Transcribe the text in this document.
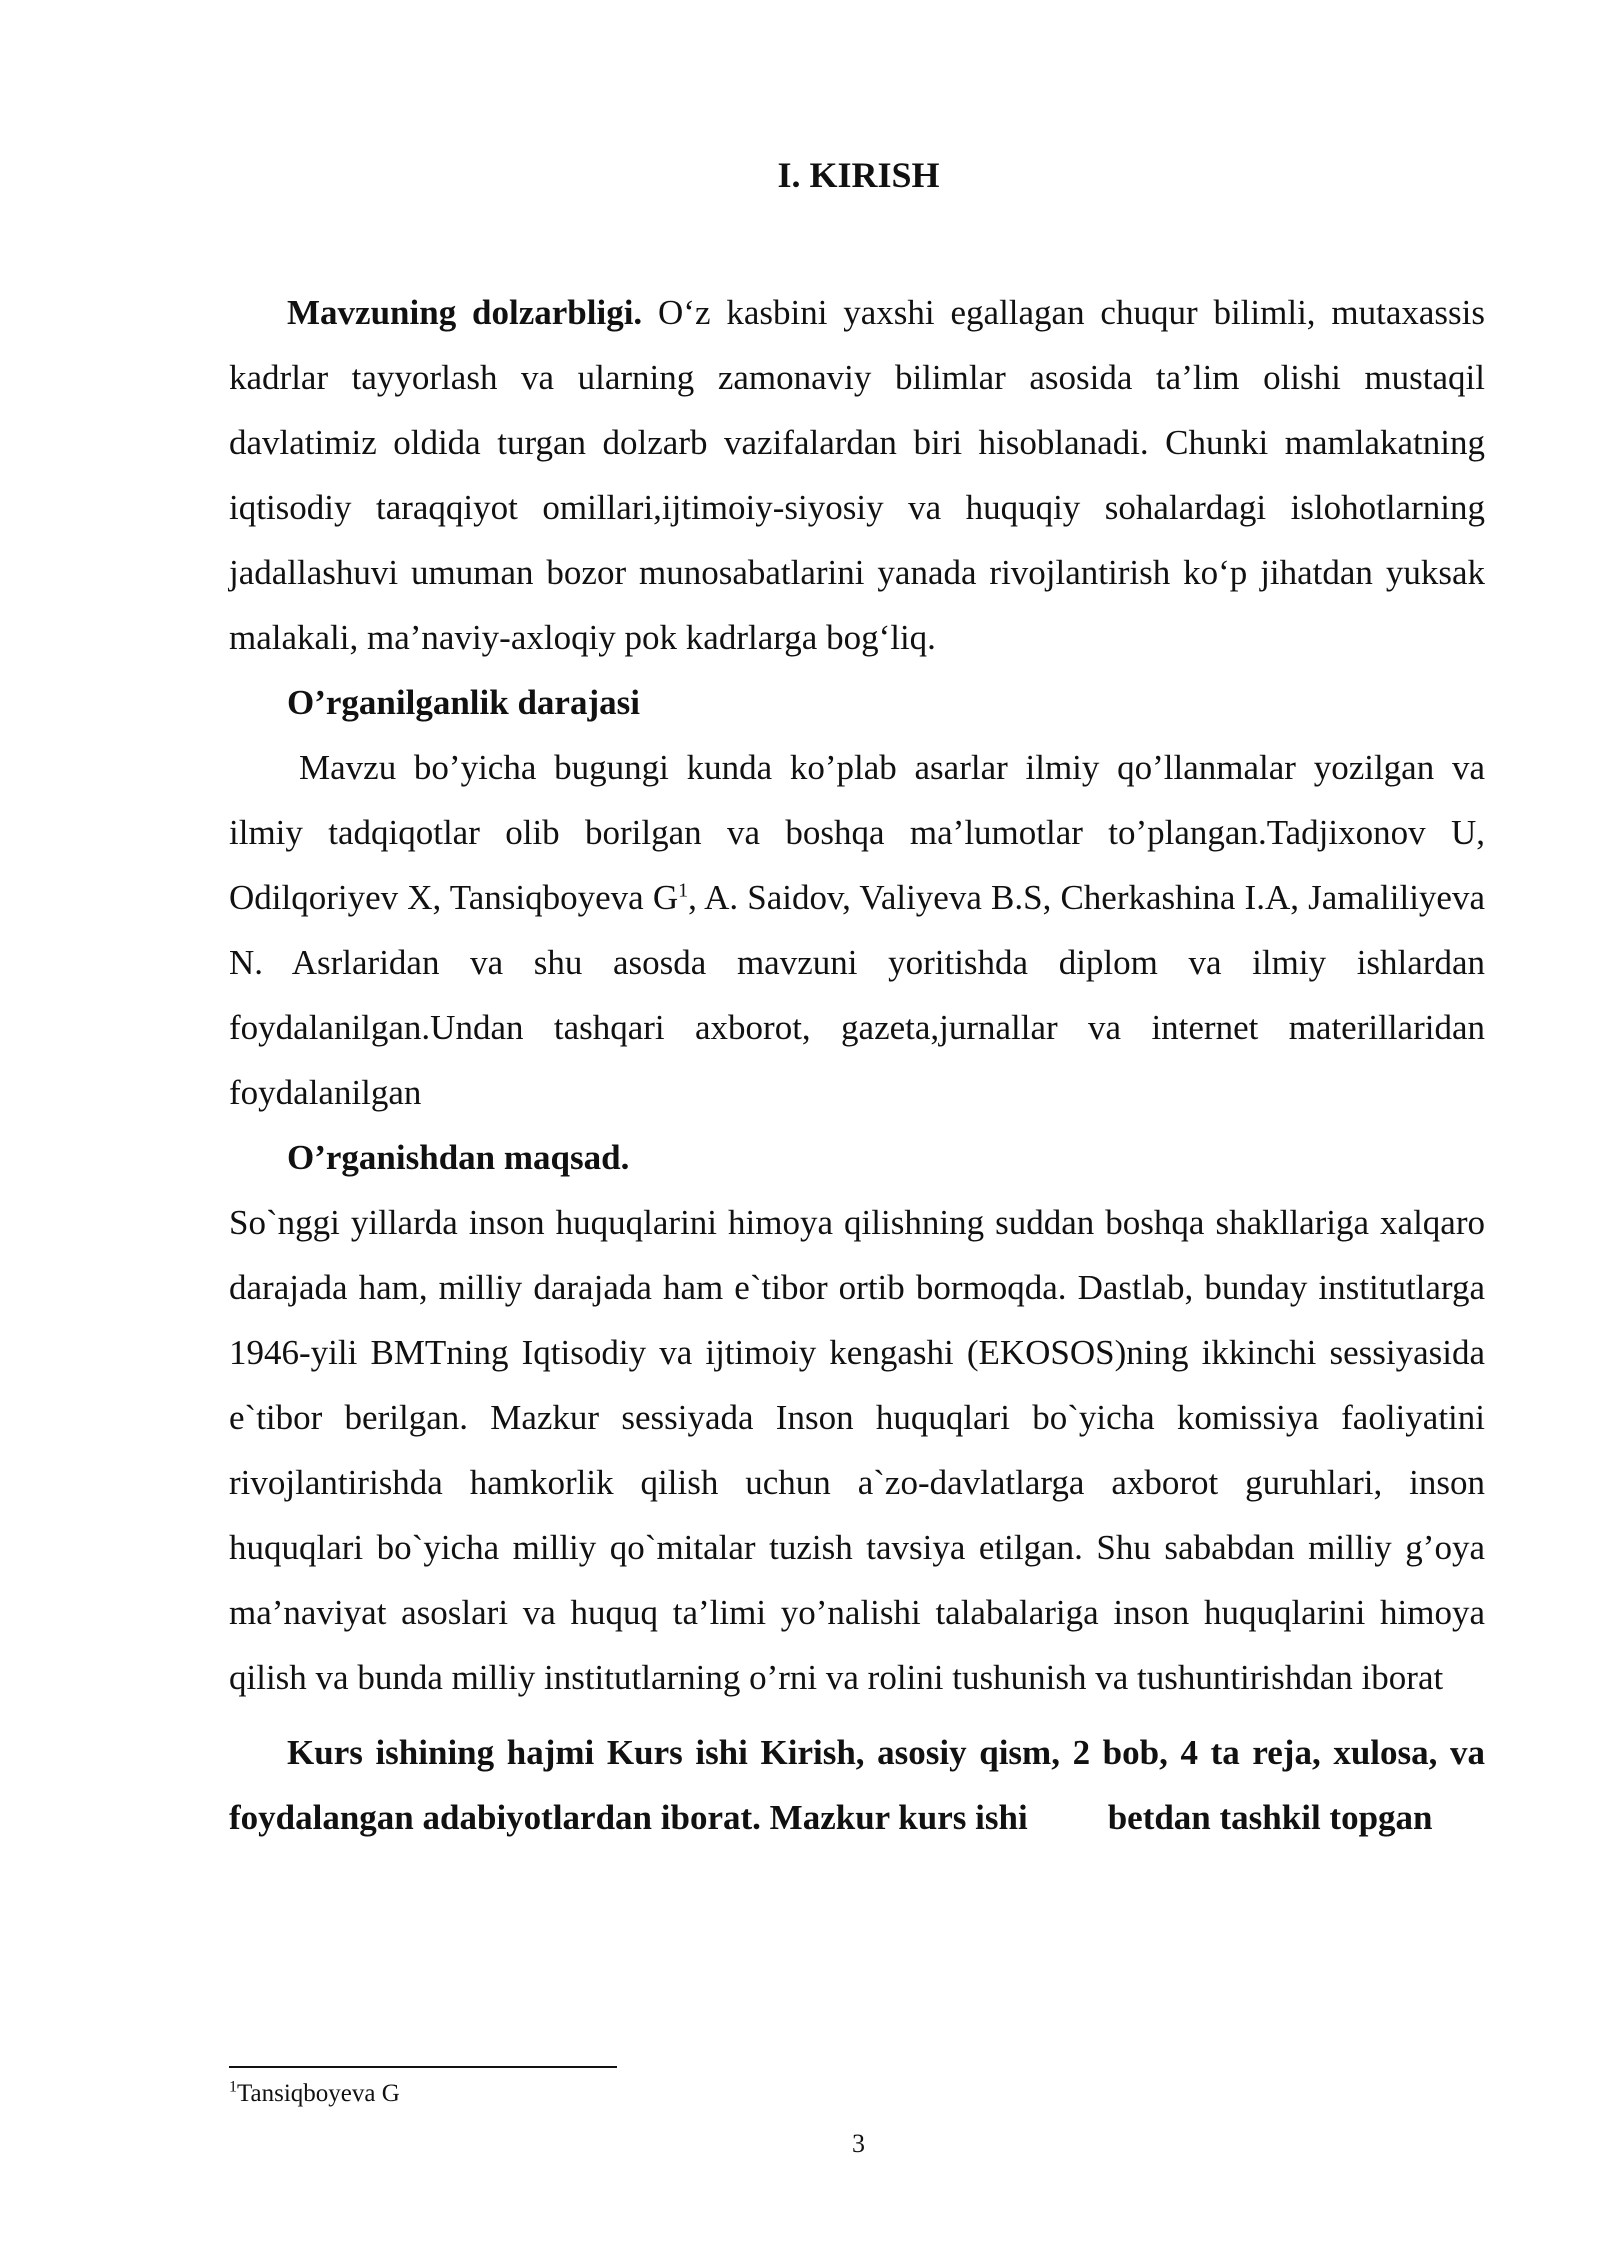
I. KIRISH

Mavzuning dolzarbligi. O‘z kasbini yaxshi egallagan chuqur bilimli, mutaxassis kadrlar tayyorlash va ularning zamonaviy bilimlar asosida ta’lim olishi mustaqil davlatimiz oldida turgan dolzarb vazifalardan biri hisoblanadi. Chunki mamlakatning iqtisodiy taraqqiyot omillari,ijtimoiy-siyosiy va huquqiy sohalardagi islohotlarning jadallashuvi umuman bozor munosabatlarini yanada rivojlantirish ko‘p jihatdan yuksak malakali, ma’naviy-axloqiy pok kadrlarga bog‘liq.

O’rganilganlik darajasi

Mavzu bo’yicha bugungi kunda ko’plab asarlar ilmiy qo’llanmalar yozilgan va ilmiy tadqiqotlar olib borilgan va boshqa ma’lumotlar to’plangan.Tadjixonov U, Odilqoriyev X, Tansiqboyeva $G^1$, A. Saidov, Valiyeva B.S, Cherkashina I.A, Jamaliliyeva N. Asrlaridan va shu asosda mavzuni yoritishda diplom va ilmiy ishlardan foydalanilgan.Undan tashqari axborot, gazeta,jurnallar va internet materillaridan foydalanilgan

O’rganishdan maqsad.

So`nggi yillarda inson huquqlarini himoya qilishning suddan boshqa shakllariga xalqaro darajada ham, milliy darajada ham e`tibor ortib bormoqda. Dastlab, bunday institutlarga 1946-yili BMTning Iqtisodiy va ijtimoiy kengashi (EKOSOS)ning ikkinchi sessiyasida e`tibor berilgan. Mazkur sessiyada Inson huquqlari bo`yicha komissiya faoliyatini rivojlantirishda hamkorlik qilish uchun a`zo-davlatlarga axborot guruhlari, inson huquqlari bo`yicha milliy qo`mitalar tuzish tavsiya etilgan. Shu sababdan milliy g’oya ma’naviyat asoslari va huquq ta’limi yo’nalishi talabalariga inson huquqlarini himoya qilish va bunda milliy institutlarning o’rni va rolini tushunish va tushuntirishdan iborat

Kurs ishining hajmi Kurs ishi Kirish, asosiy qism, 2 bob, 4 ta reja, xulosa, va foydalangan adabiyotlardan iborat. Mazkur kurs ishi betdan tashkil topgan

$^1$Tansiqboyeva G
3
